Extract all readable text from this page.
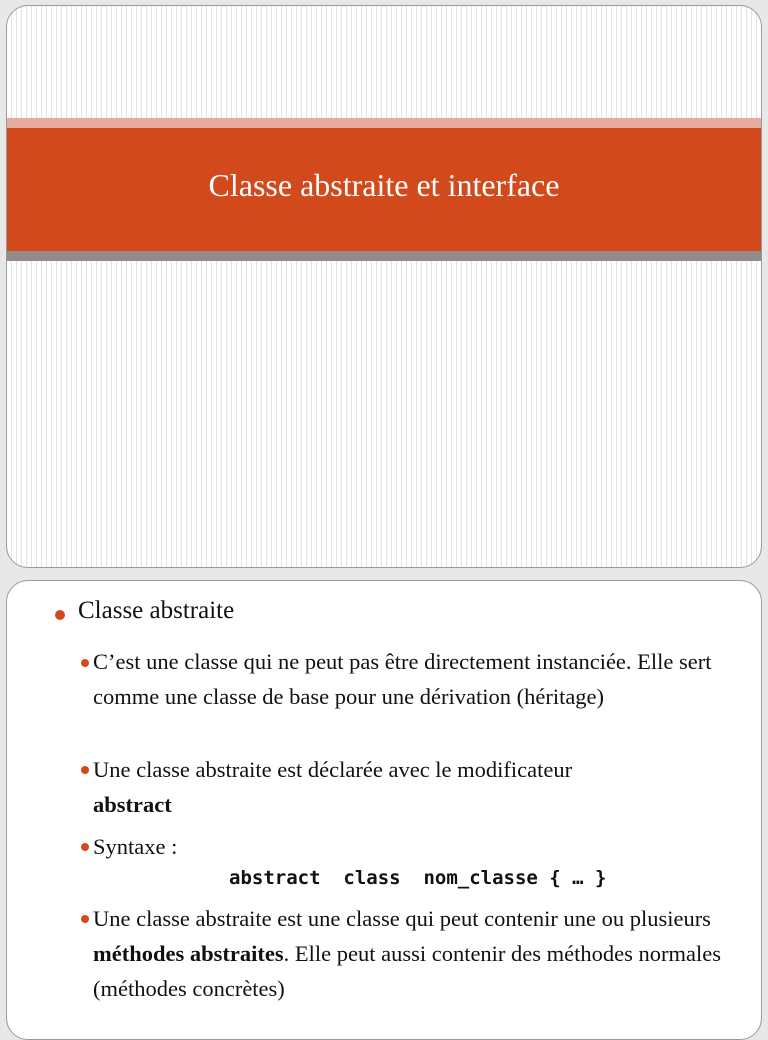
Classe abstraite et interface
Classe abstraite

C’est une classe qui ne peut pas être directement instanciée. Elle sert comme une classe de base pour une dérivation (héritage)

Une classe abstraite est déclarée avec le modificateur
abstract

Syntaxe :

abstract  class  nom_classe { … }

Une classe abstraite est une classe qui peut contenir une ou plusieurs méthodes abstraites. Elle peut aussi contenir des méthodes normales (méthodes concrètes)
